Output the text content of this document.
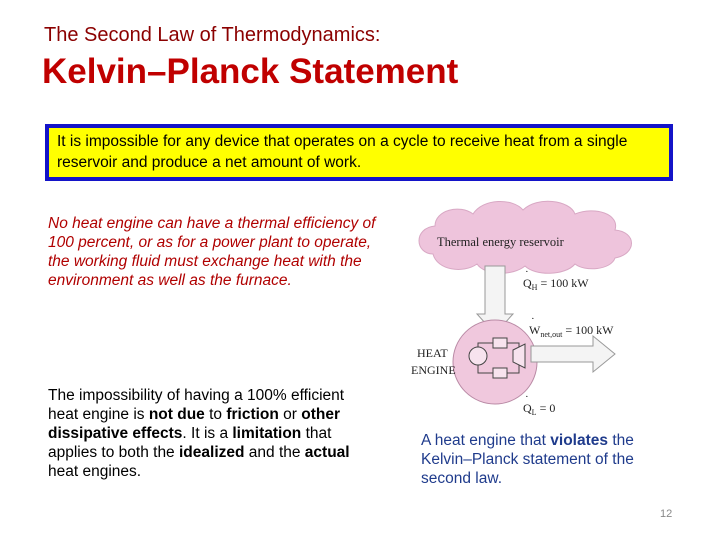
The Second Law of Thermodynamics:
Kelvin–Planck Statement
It is impossible for any device that operates on a cycle to receive heat from a single reservoir and produce a net amount of work.
No heat engine can have a thermal efficiency of 100 percent, or as for a power plant to operate, the working fluid must exchange heat with the environment as well as the furnace.
The impossibility of having a 100% efficient heat engine is not due to friction or other dissipative effects. It is a limitation that applies to both the idealized and the actual heat engines.
Thermal energy reservoir
$Q_H = 100$ kW
·
$W_{net,out} = 100$ kW
·
HEAT
ENGINE
$Q_L = 0$
·
A heat engine that violates the Kelvin–Planck statement of the second law.
12
